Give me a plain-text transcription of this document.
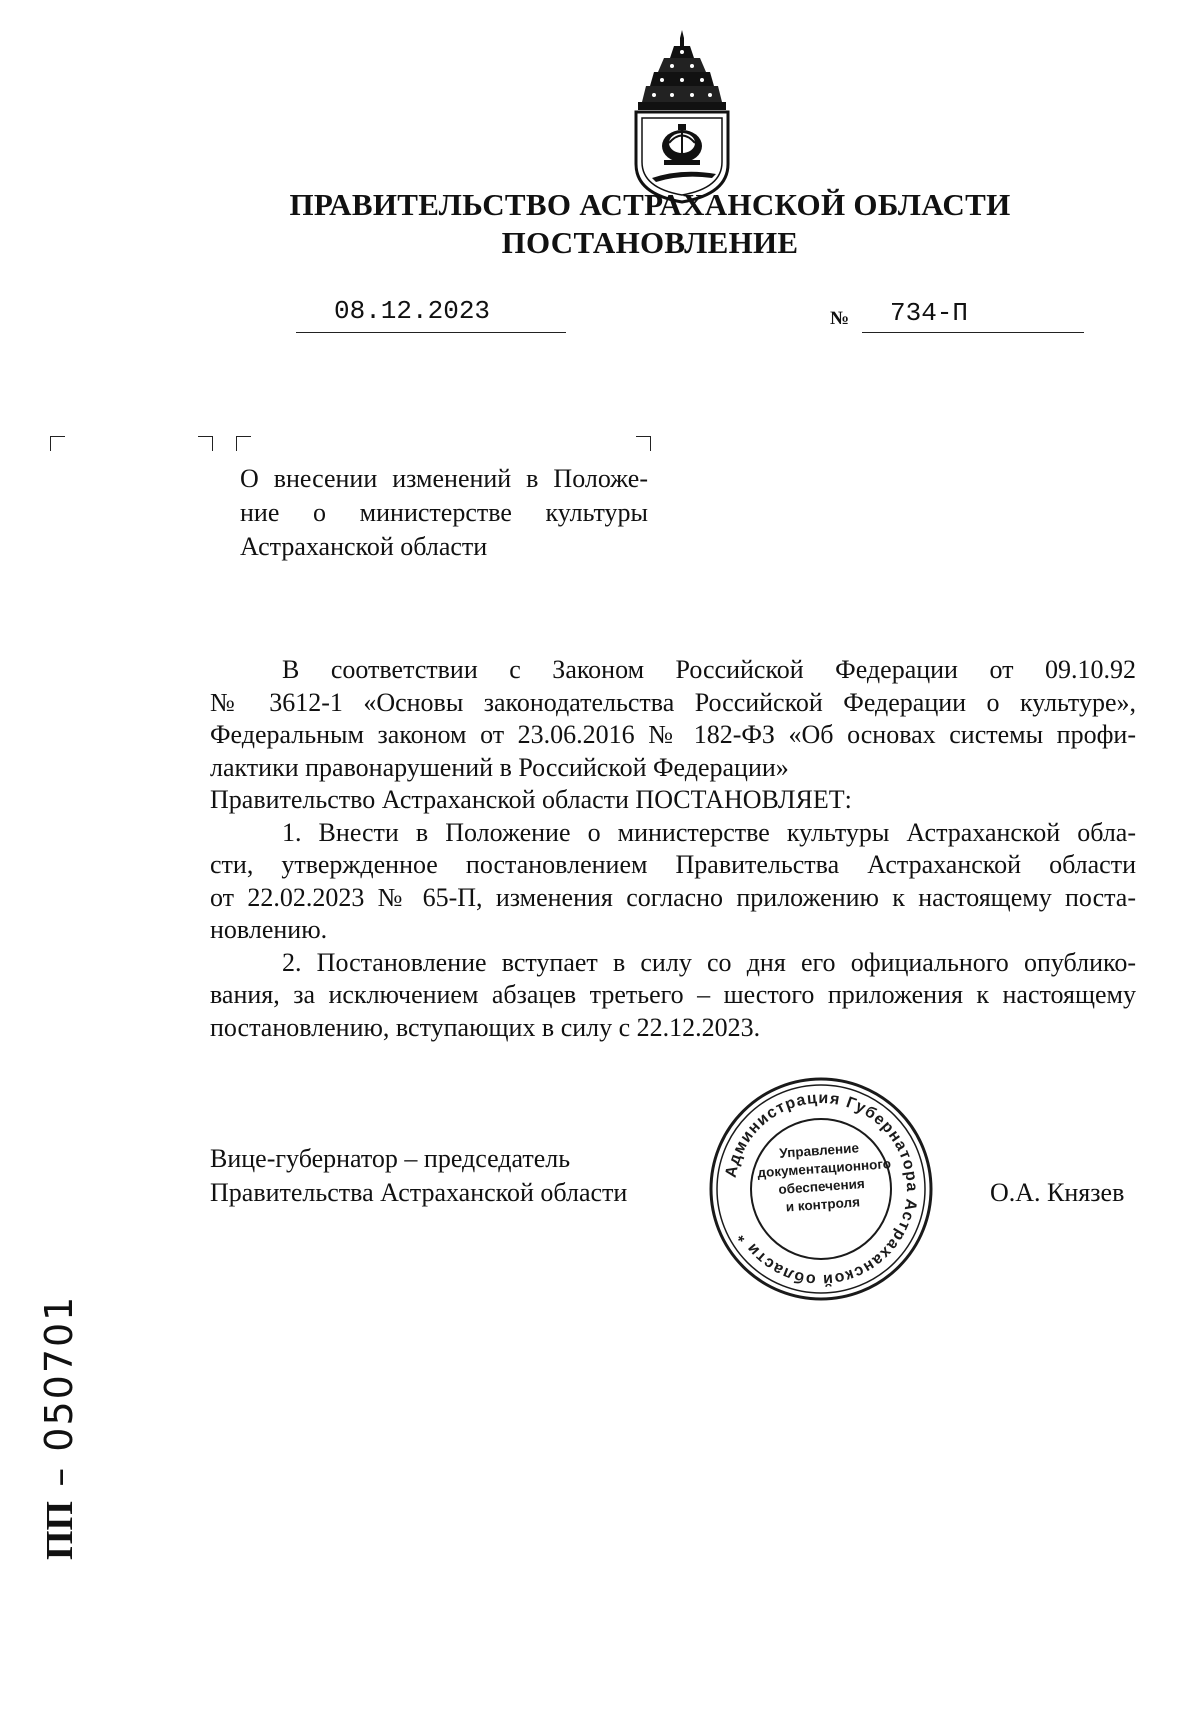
ПРАВИТЕЛЬСТВО АСТРАХАНСКОЙ ОБЛАСТИ
ПОСТАНОВЛЕНИЕ
08.12.2023	№ 734-П
О внесении изменений в Положе-
ние о министерстве культуры
Астраханской области
В соответствии с Законом Российской Федерации от 09.10.92
№ 3612-1 «Основы законодательства Российской Федерации о культуре»,
Федеральным законом от 23.06.2016 № 182-ФЗ «Об основах системы профи-
лактики правонарушений в Российской Федерации»
Правительство Астраханской области ПОСТАНОВЛЯЕТ:
1. Внести в Положение о министерстве культуры Астраханской обла-
сти, утвержденное постановлением Правительства Астраханской области
от 22.02.2023 № 65-П, изменения согласно приложению к настоящему поста-
новлению.
2. Постановление вступает в силу со дня его официального опублико-
вания, за исключением абзацев третьего – шестого приложения к настоящему
постановлению, вступающих в силу с 22.12.2023.
Вице-губернатор – председатель
Правительства Астраханской области
Администрация Губернатора Астраханской области *
Управление
документационного
обеспечения
и контроля	О.А. Князев
ПП – 050701
